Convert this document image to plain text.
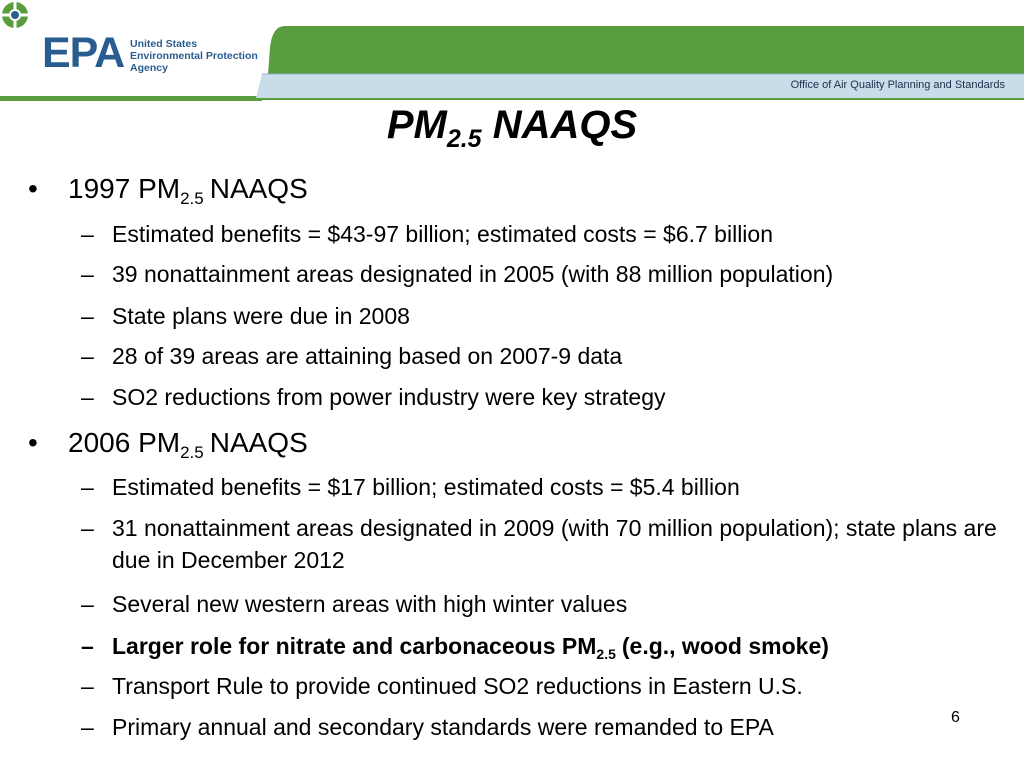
EPA United States
Environmental Protection
Agency
Office of Air Quality Planning and Standards
$PM_{2.5}$ NAAQS
• 1997 $PM_{2.5}$ NAAQS
– Estimated benefits = $43-97 billion; estimated costs = $6.7 billion
– 39 nonattainment areas designated in 2005 (with 88 million population)
– State plans were due in 2008
– 28 of 39 areas are attaining based on 2007-9 data
– SO2 reductions from power industry were key strategy
• 2006 $PM_{2.5}$ NAAQS
– Estimated benefits = $17 billion; estimated costs = $5.4 billion
– 31 nonattainment areas designated in 2009 (with 70 million population); state plans are due in December 2012
– Several new western areas with high winter values
– Larger role for nitrate and carbonaceous $PM_{2.5}$ (e.g., wood smoke)
– Transport Rule to provide continued SO2 reductions in Eastern U.S.
– Primary annual and secondary standards were remanded to EPA	6
